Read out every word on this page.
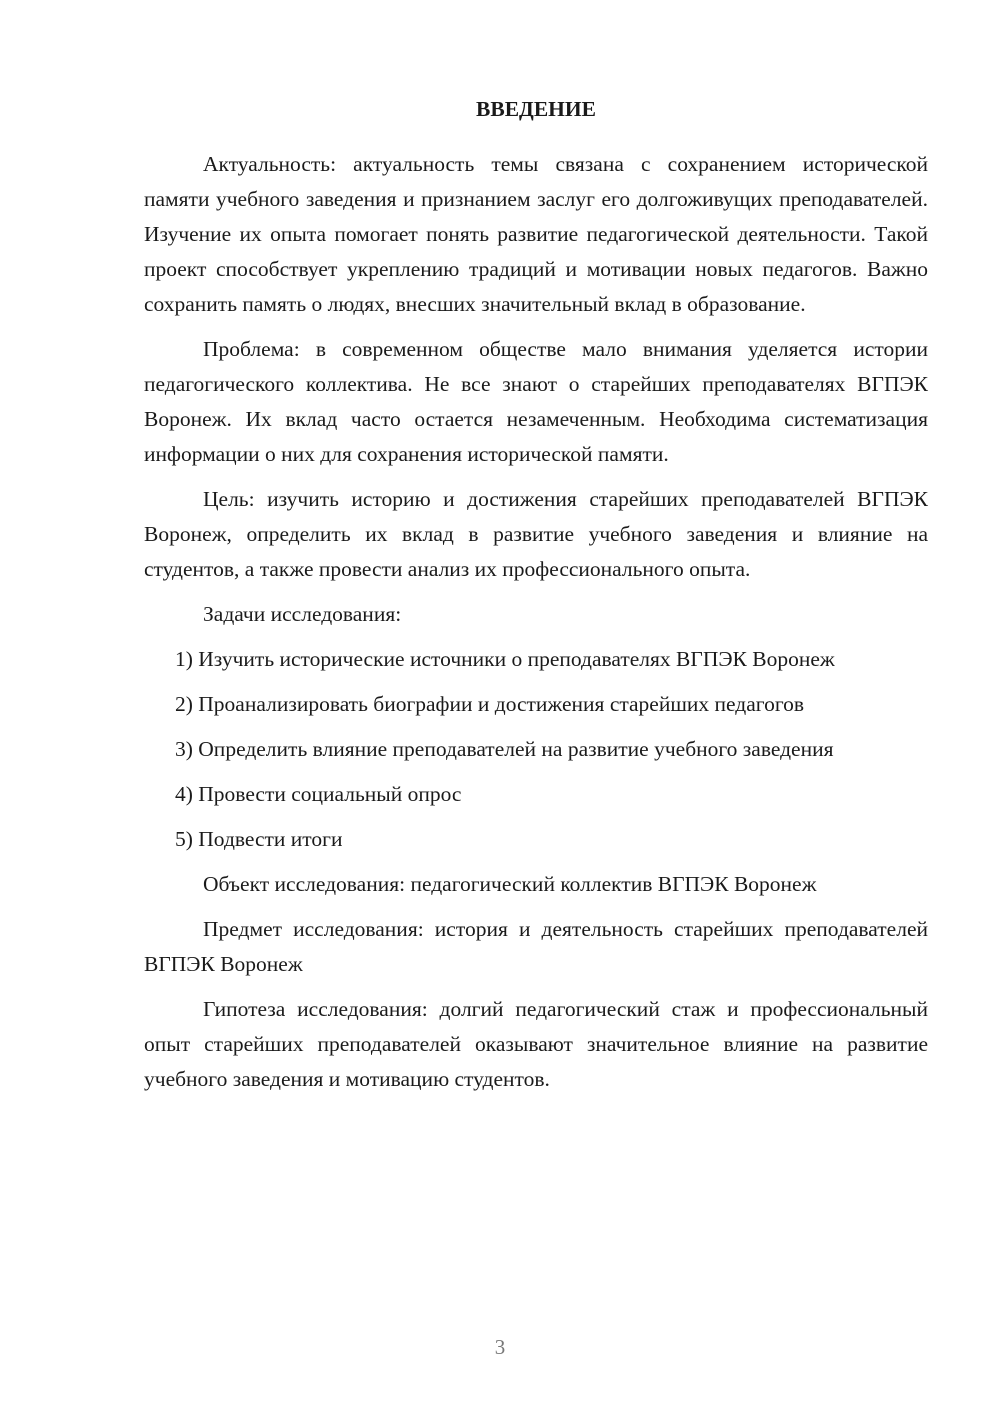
ВВЕДЕНИЕ

Актуальность: актуальность темы связана с сохранением исторической памяти учебного заведения и признанием заслуг его долгоживущих преподавателей. Изучение их опыта помогает понять развитие педагогической деятельности. Такой проект способствует укреплению традиций и мотивации новых педагогов. Важно сохранить память о людях, внесших значительный вклад в образование.

Проблема: в современном обществе мало внимания уделяется истории педагогического коллектива. Не все знают о старейших преподавателях ВГПЭК Воронеж. Их вклад часто остается незамеченным. Необходима систематизация информации о них для сохранения исторической памяти.

Цель: изучить историю и достижения старейших преподавателей ВГПЭК Воронеж, определить их вклад в развитие учебного заведения и влияние на студентов, а также провести анализ их профессионального опыта.

Задачи исследования:

1) Изучить исторические источники о преподавателях ВГПЭК Воронеж

2) Проанализировать биографии и достижения старейших педагогов

3) Определить влияние преподавателей на развитие учебного заведения

4) Провести социальный опрос

5) Подвести итоги

Объект исследования: педагогический коллектив ВГПЭК Воронеж

Предмет исследования: история и деятельность старейших преподавателей ВГПЭК Воронеж

Гипотеза исследования: долгий педагогический стаж и профессиональный опыт старейших преподавателей оказывают значительное влияние на развитие учебного заведения и мотивацию студентов.

3
